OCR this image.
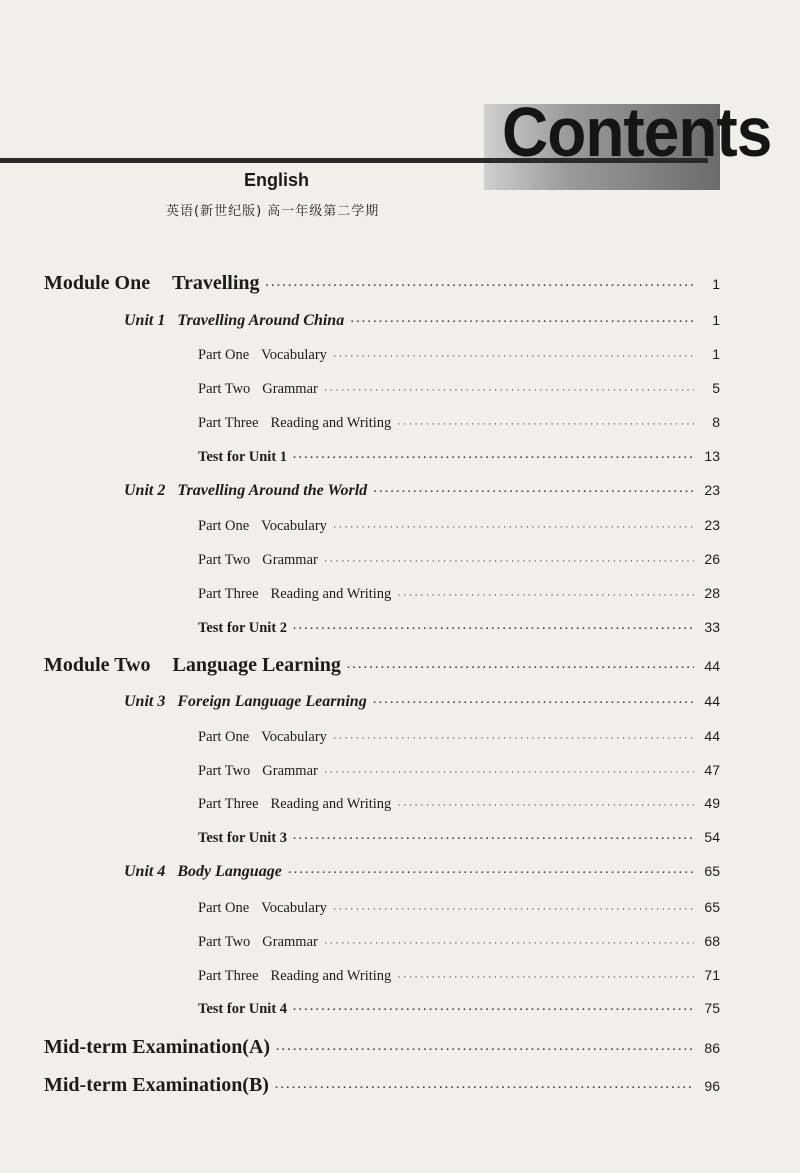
Contents
English
英语(新世纪版) 高一年级第二学期
Module One Travelling ·····	1
Unit 1 Travelling Around China ·····	1
Part One Vocabulary ·····	1
Part Two Grammar ·····	5
Part Three Reading and Writing ·····	8
Test for Unit 1 ·····	13
Unit 2 Travelling Around the World ·····	23
Part One Vocabulary ·····	23
Part Two Grammar ·····	26
Part Three Reading and Writing ·····	28
Test for Unit 2 ·····	33
Module Two Language Learning ·····	44
Unit 3 Foreign Language Learning ·····	44
Part One Vocabulary ·····	44
Part Two Grammar ·····	47
Part Three Reading and Writing ·····	49
Test for Unit 3 ·····	54
Unit 4 Body Language ·····	65
Part One Vocabulary ·····	65
Part Two Grammar ·····	68
Part Three Reading and Writing ·····	71
Test for Unit 4 ·····	75
Mid-term Examination(A) ·····	86
Mid-term Examination(B) ·····	96
